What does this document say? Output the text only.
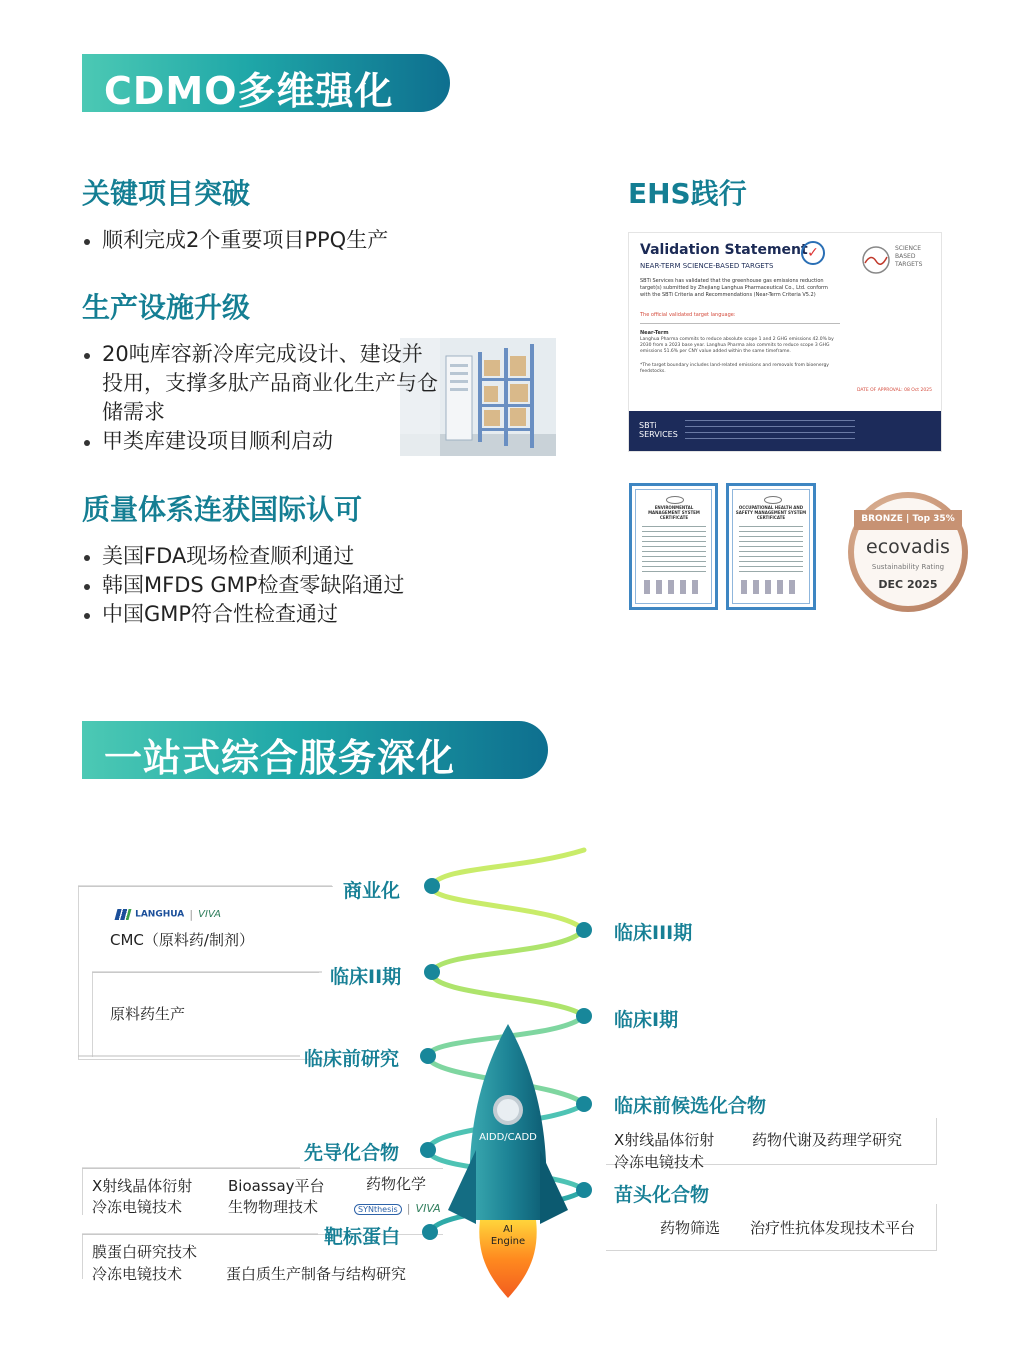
CDMO多维强化
关键项目突破
顺利完成2个重要项目PPQ生产
生产设施升级
20吨库容新冷库完成设计、建设并投用，支撑多肽产品商业化生产与仓储需求
甲类库建设项目顺利启动
质量体系连获国际认可
美国FDA现场检查顺利通过
韩国MFDS GMP检查零缺陷通过
中国GMP符合性检查通过
EHS践行
Validation Statement ✓
NEAR-TERM SCIENCE-BASED TARGETS
SCIENCE BASED TARGETS
SBTi Services has validated that the greenhouse gas emissions reduction target(s) submitted by Zhejiang Langhua Pharmaceutical Co., Ltd. conform with the SBTi Criteria and Recommendations (Near-Term Criteria V5.2)
The official validated target language:
Near-Term
Langhua Pharma commits to reduce absolute scope 1 and 2 GHG emissions 42.0% by 2030 from a 2023 base year. Langhua Pharma also commits to reduce scope 3 GHG emissions 51.6% per CNY value added within the same timeframe.
*The target boundary includes land-related emissions and removals from bioenergy feedstocks.
DATE OF APPROVAL: 08 Oct 2025
SBTi SERVICES
ENVIRONMENTAL MANAGEMENT SYSTEM CERTIFICATE
OCCUPATIONAL HEALTH AND SAFETY MANAGEMENT SYSTEM CERTIFICATE	BRONZE | Top 35%
ecovadis
Sustainability Rating
DEC 2025
一站式综合服务深化
LANGHUA | VIVA
CMC（原料药/制剂）
原料药生产
X射线晶体衍射
冷冻电镜技术
Bioassay平台
生物物理技术
药物化学
SYNthesis | VIVA
膜蛋白研究技术
冷冻电镜技术	蛋白质生产制备与结构研究
X射线晶体衍射
冷冻电镜技术
药物代谢及药理学研究
药物筛选 治疗性抗体发现技术平台
AIDD/CADD
AI
Engine
商业化
临床II期
临床前研究
先导化合物
靶标蛋白
临床III期
临床I期
临床前候选化合物
苗头化合物
